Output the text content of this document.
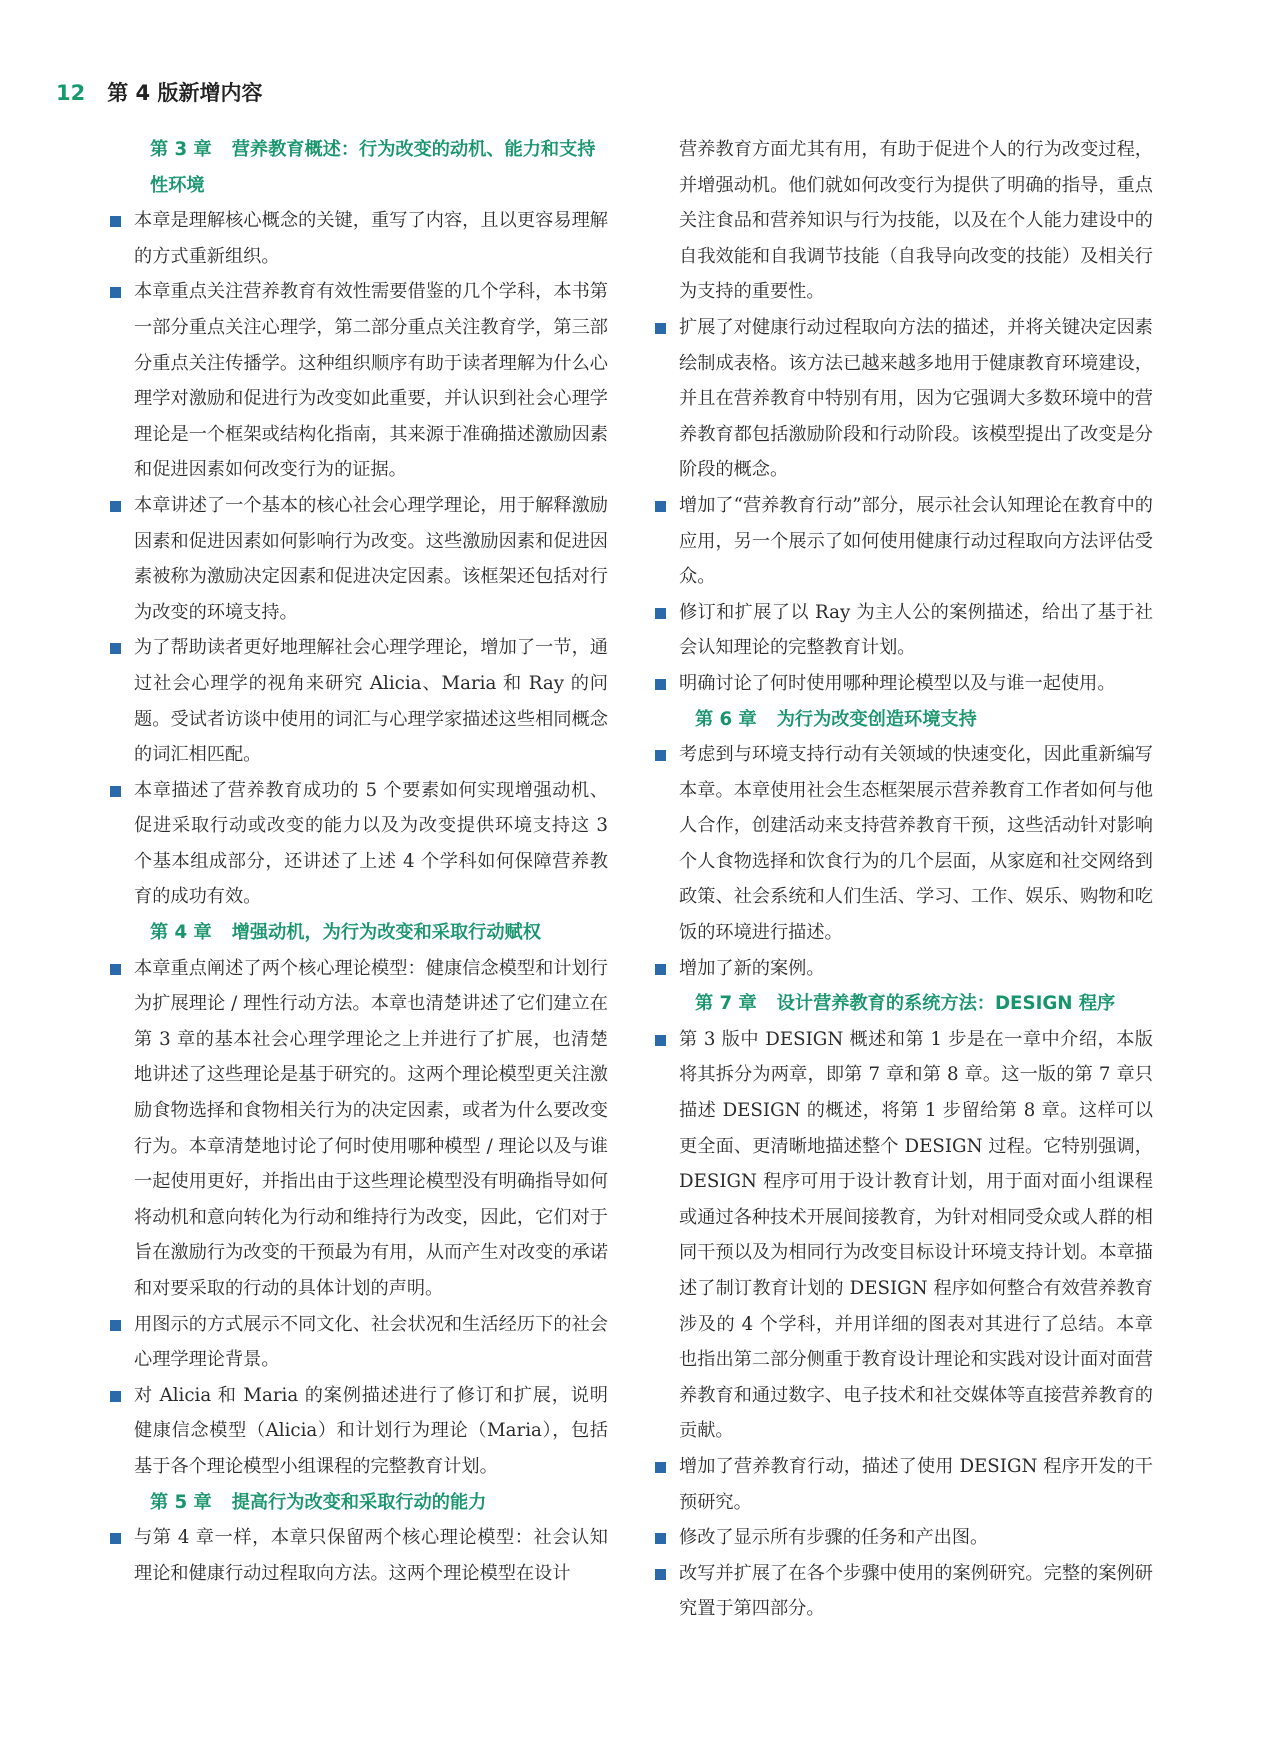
12 第 4 版新增内容
第 3 章 营养教育概述：行为改变的动机、能力和支持性环境
本章是理解核心概念的关键，重写了内容，且以更容易理解的方式重新组织。
本章重点关注营养教育有效性需要借鉴的几个学科，本书第一部分重点关注心理学，第二部分重点关注教育学，第三部分重点关注传播学。这种组织顺序有助于读者理解为什么心理学对激励和促进行为改变如此重要，并认识到社会心理学理论是一个框架或结构化指南，其来源于准确描述激励因素和促进因素如何改变行为的证据。
本章讲述了一个基本的核心社会心理学理论，用于解释激励因素和促进因素如何影响行为改变。这些激励因素和促进因素被称为激励决定因素和促进决定因素。该框架还包括对行为改变的环境支持。
为了帮助读者更好地理解社会心理学理论，增加了一节，通过社会心理学的视角来研究 Alicia、Maria 和 Ray 的问题。受试者访谈中使用的词汇与心理学家描述这些相同概念的词汇相匹配。
本章描述了营养教育成功的 5 个要素如何实现增强动机、促进采取行动或改变的能力以及为改变提供环境支持这 3 个基本组成部分，还讲述了上述 4 个学科如何保障营养教育的成功有效。
第 4 章 增强动机，为行为改变和采取行动赋权
本章重点阐述了两个核心理论模型：健康信念模型和计划行为扩展理论 / 理性行动方法。本章也清楚讲述了它们建立在第 3 章的基本社会心理学理论之上并进行了扩展，也清楚地讲述了这些理论是基于研究的。这两个理论模型更关注激励食物选择和食物相关行为的决定因素，或者为什么要改变行为。本章清楚地讨论了何时使用哪种模型 / 理论以及与谁一起使用更好，并指出由于这些理论模型没有明确指导如何将动机和意向转化为行动和维持行为改变，因此，它们对于旨在激励行为改变的干预最为有用，从而产生对改变的承诺和对要采取的行动的具体计划的声明。
用图示的方式展示不同文化、社会状况和生活经历下的社会心理学理论背景。
对 Alicia 和 Maria 的案例描述进行了修订和扩展，说明健康信念模型（Alicia）和计划行为理论（Maria），包括基于各个理论模型小组课程的完整教育计划。
第 5 章 提高行为改变和采取行动的能力
与第 4 章一样，本章只保留两个核心理论模型：社会认知理论和健康行动过程取向方法。这两个理论模型在设计
营养教育方面尤其有用，有助于促进个人的行为改变过程，并增强动机。他们就如何改变行为提供了明确的指导，重点关注食品和营养知识与行为技能，以及在个人能力建设中的自我效能和自我调节技能（自我导向改变的技能）及相关行为支持的重要性。
扩展了对健康行动过程取向方法的描述，并将关键决定因素绘制成表格。该方法已越来越多地用于健康教育环境建设，并且在营养教育中特别有用，因为它强调大多数环境中的营养教育都包括激励阶段和行动阶段。该模型提出了改变是分阶段的概念。
增加了“营养教育行动”部分，展示社会认知理论在教育中的应用，另一个展示了如何使用健康行动过程取向方法评估受众。
修订和扩展了以 Ray 为主人公的案例描述，给出了基于社会认知理论的完整教育计划。
明确讨论了何时使用哪种理论模型以及与谁一起使用。
第 6 章 为行为改变创造环境支持
考虑到与环境支持行动有关领域的快速变化，因此重新编写本章。本章使用社会生态框架展示营养教育工作者如何与他人合作，创建活动来支持营养教育干预，这些活动针对影响个人食物选择和饮食行为的几个层面，从家庭和社交网络到政策、社会系统和人们生活、学习、工作、娱乐、购物和吃饭的环境进行描述。
增加了新的案例。
第 7 章 设计营养教育的系统方法：DESIGN 程序
第 3 版中 DESIGN 概述和第 1 步是在一章中介绍，本版将其拆分为两章，即第 7 章和第 8 章。这一版的第 7 章只描述 DESIGN 的概述，将第 1 步留给第 8 章。这样可以更全面、更清晰地描述整个 DESIGN 过程。它特别强调，DESIGN 程序可用于设计教育计划，用于面对面小组课程或通过各种技术开展间接教育，为针对相同受众或人群的相同干预以及为相同行为改变目标设计环境支持计划。本章描述了制订教育计划的 DESIGN 程序如何整合有效营养教育涉及的 4 个学科，并用详细的图表对其进行了总结。本章也指出第二部分侧重于教育设计理论和实践对设计面对面营养教育和通过数字、电子技术和社交媒体等直接营养教育的贡献。
增加了营养教育行动，描述了使用 DESIGN 程序开发的干预研究。
修改了显示所有步骤的任务和产出图。
改写并扩展了在各个步骤中使用的案例研究。完整的案例研究置于第四部分。
